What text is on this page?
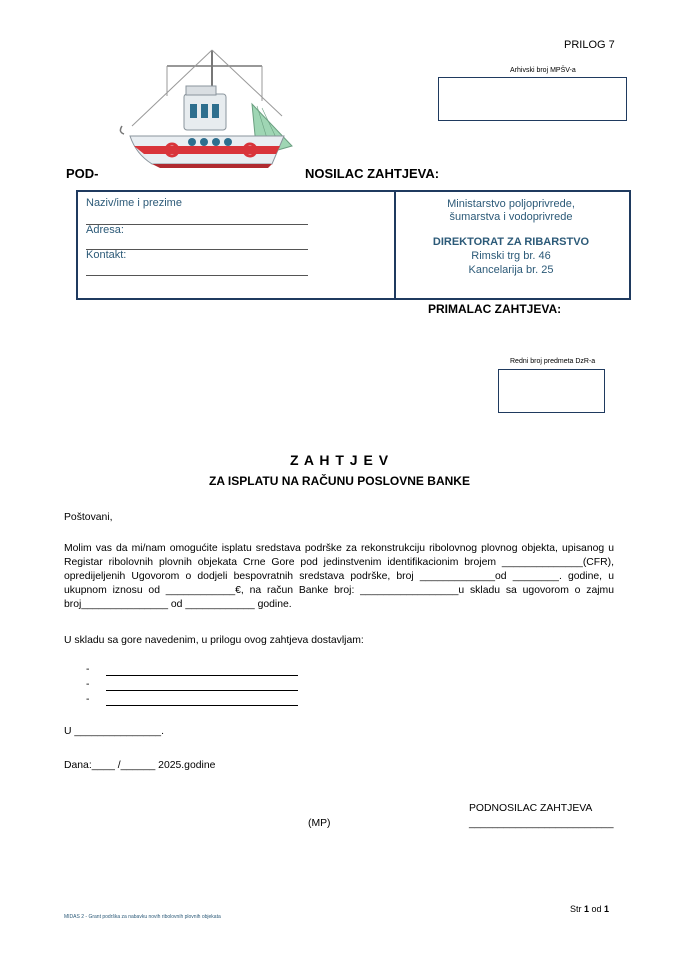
PRILOG 7
Arhivski broj MPŠV-a
POD-	NOSILAC ZAHTJEVA:
Naziv/ime i prezime
Adresa:
Kontakt:
Ministarstvo poljoprivrede,
šumarstva i vodoprivrede
DIREKTORAT ZA RIBARSTVO
Rimski trg br. 46
Kancelarija br. 25
PRIMALAC ZAHTJEVA:
Redni broj predmeta DzR-a
Z A H T J E V
ZA ISPLATU NA RAČUNU POSLOVNE BANKE
Poštovani,
Molim vas da mi/nam omogućite isplatu sredstava podrške za rekonstrukciju ribolovnog plovnog objekta, upisanog u Registar ribolovnih plovnih objekata Crne Gore pod jedinstvenim identifikacionim brojem ______________(CFR), opredijeljenih Ugovorom o dodjeli bespovratnih sredstava podrške, broj _____________od ________. godine, u ukupnom iznosu od ____________€, na račun Banke broj: _________________u skladu sa ugovorom o zajmu broj_______________ od ____________ godine.
U skladu sa gore navedenim, u prilogu ovog zahtjeva dostavljam:
-
-
-
U _______________.
Dana:____ /______ 2025.godine
PODNOSILAC ZAHTJEVA
_________________________
(MP)
MIDAS 2 - Grant podrška za nabavku novih ribolovnih plovnih objekata
Str 1 od 1
